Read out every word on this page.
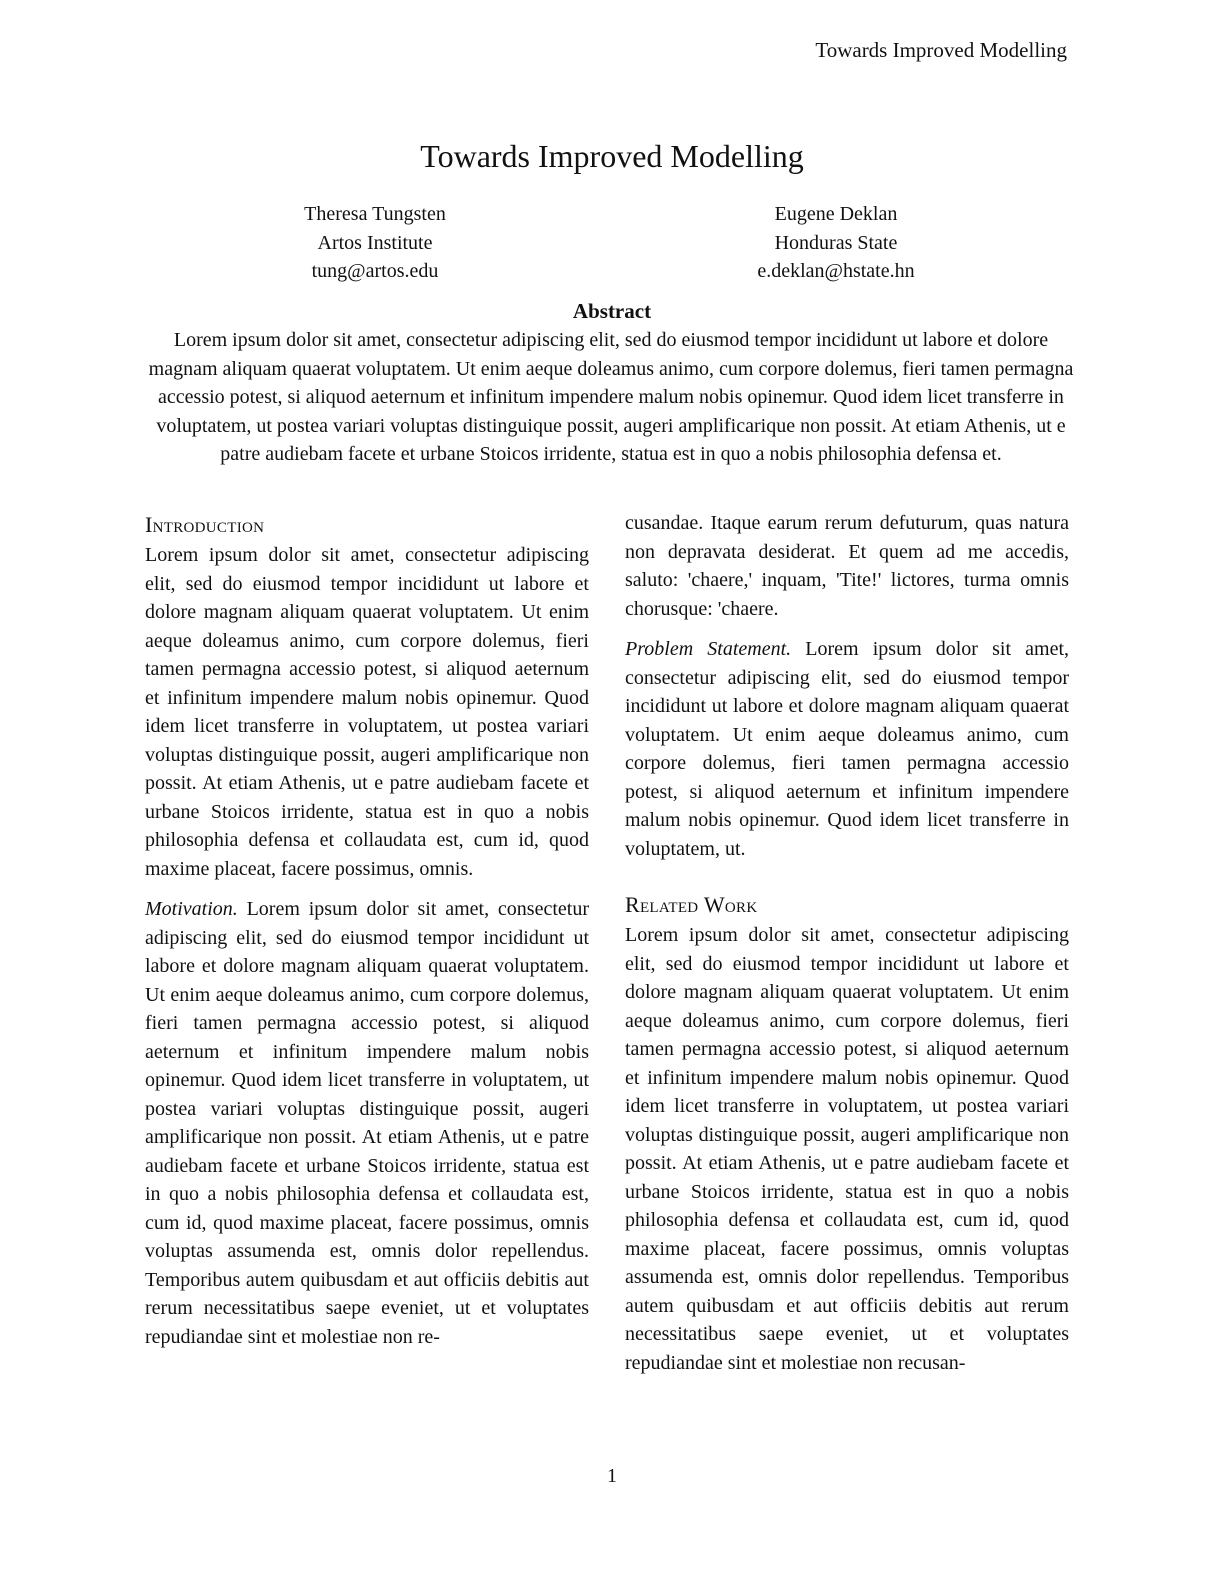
Towards Improved Modelling
Towards Improved Modelling
Theresa Tungsten
Artos Institute
tung@artos.edu
Eugene Deklan
Honduras State
e.deklan@hstate.hn
Abstract
Lorem ipsum dolor sit amet, consectetur adipiscing elit, sed do eiusmod tempor incididunt ut labore et dolore magnam aliquam quaerat voluptatem. Ut enim aeque doleamus animo, cum corpore dolemus, fieri tamen permagna accessio potest, si aliquod aeternum et infinitum impendere malum nobis opinemur. Quod idem licet transferre in voluptatem, ut postea variari voluptas distinguique possit, augeri amplificarique non possit. At etiam Athenis, ut e patre audiebam facete et urbane Stoicos irridente, statua est in quo a nobis philosophia defensa et.
Introduction

Lorem ipsum dolor sit amet, consectetur adipiscing elit, sed do eiusmod tempor incididunt ut labore et dolore magnam aliquam quaerat voluptatem. Ut enim aeque doleamus animo, cum corpore dolemus, fieri tamen permagna accessio potest, si aliquod aeternum et infinitum impendere malum nobis opinemur. Quod idem licet transferre in voluptatem, ut postea variari voluptas distinguique possit, augeri amplificarique non possit. At etiam Athenis, ut e patre audiebam facete et urbane Stoicos irridente, statua est in quo a nobis philosophia defensa et collaudata est, cum id, quod maxime placeat, facere possimus, omnis.

Motivation. Lorem ipsum dolor sit amet, consectetur adipiscing elit, sed do eiusmod tempor incididunt ut labore et dolore magnam aliquam quaerat voluptatem. Ut enim aeque doleamus animo, cum corpore dolemus, fieri tamen permagna accessio potest, si aliquod aeternum et infinitum impendere malum nobis opinemur. Quod idem licet transferre in voluptatem, ut postea variari voluptas distinguique possit, augeri amplificarique non possit. At etiam Athenis, ut e patre audiebam facete et urbane Stoicos irridente, statua est in quo a nobis philosophia defensa et collaudata est, cum id, quod maxime placeat, facere possimus, omnis voluptas assumenda est, omnis dolor repellendus. Temporibus autem quibusdam et aut officiis debitis aut rerum necessitatibus saepe eveniet, ut et voluptates repudiandae sint et molestiae non re-

cusandae. Itaque earum rerum defuturum, quas natura non depravata desiderat. Et quem ad me accedis, saluto: 'chaere,' inquam, 'Tite!' lictores, turma omnis chorusque: 'chaere.

Problem Statement. Lorem ipsum dolor sit amet, consectetur adipiscing elit, sed do eiusmod tempor incididunt ut labore et dolore magnam aliquam quaerat voluptatem. Ut enim aeque doleamus animo, cum corpore dolemus, fieri tamen permagna accessio potest, si aliquod aeternum et infinitum impendere malum nobis opinemur. Quod idem licet transferre in voluptatem, ut.

Related Work

Lorem ipsum dolor sit amet, consectetur adipiscing elit, sed do eiusmod tempor incididunt ut labore et dolore magnam aliquam quaerat voluptatem. Ut enim aeque doleamus animo, cum corpore dolemus, fieri tamen permagna accessio potest, si aliquod aeternum et infinitum impendere malum nobis opinemur. Quod idem licet transferre in voluptatem, ut postea variari voluptas distinguique possit, augeri amplificarique non possit. At etiam Athenis, ut e patre audiebam facete et urbane Stoicos irridente, statua est in quo a nobis philosophia defensa et collaudata est, cum id, quod maxime placeat, facere possimus, omnis voluptas assumenda est, omnis dolor repellendus. Temporibus autem quibusdam et aut officiis debitis aut rerum necessitatibus saepe eveniet, ut et voluptates repudiandae sint et molestiae non recusan-

1
